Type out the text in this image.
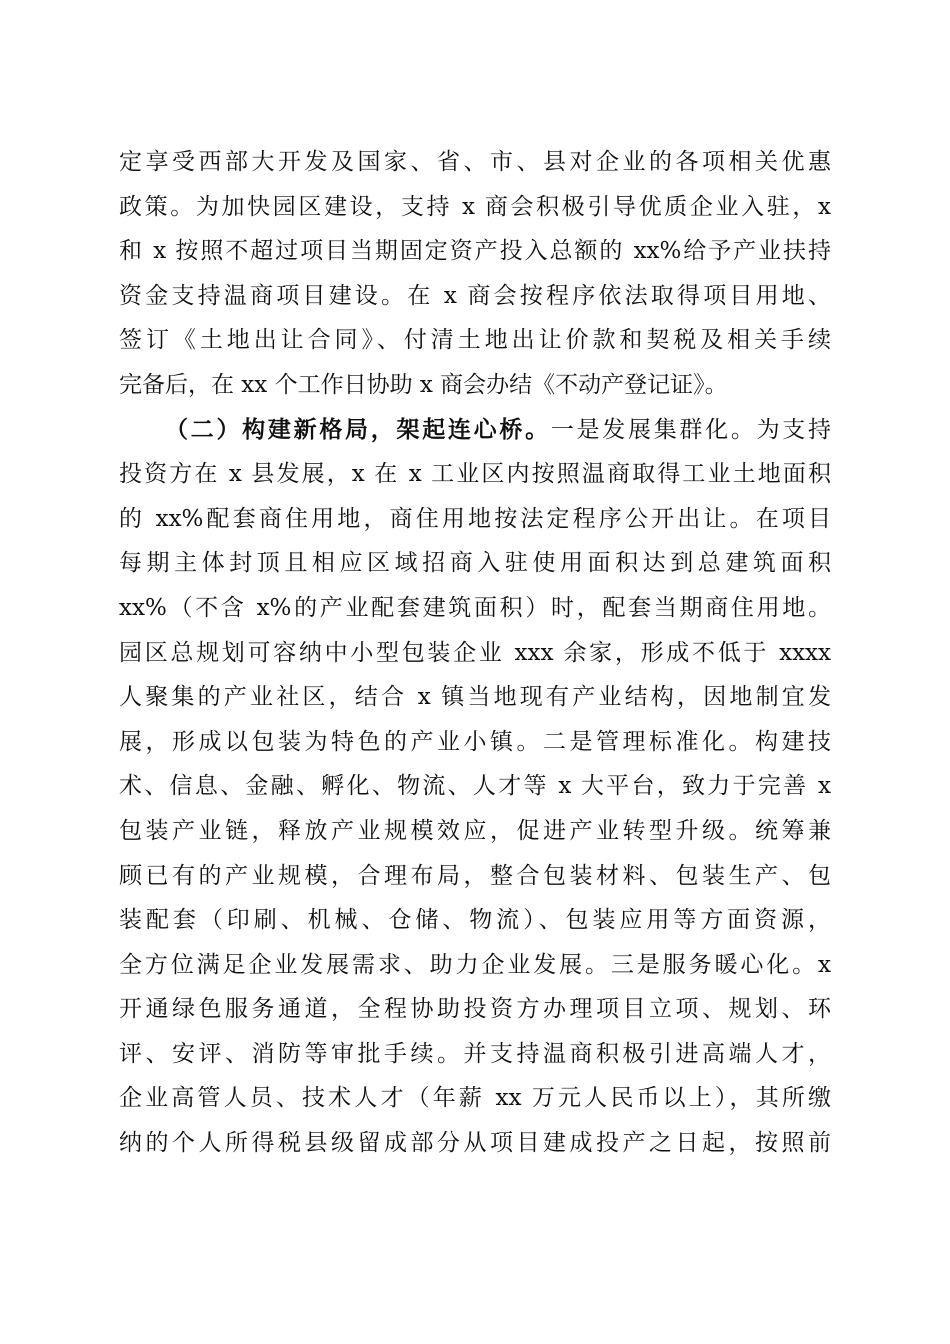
定享受西部大开发及国家、省、市、县对企业的各项相关优惠
政策。为加快园区建设，支持 x 商会积极引导优质企业入驻，x
和 x 按照不超过项目当期固定资产投入总额的 xx%给予产业扶持
资金支持温商项目建设。在 x 商会按程序依法取得项目用地、
签订《土地出让合同》、付清土地出让价款和契税及相关手续
完备后，在 xx 个工作日协助 x 商会办结《不动产登记证》。
（二）构建新格局，架起连心桥。一是发展集群化。为支持
投资方在 x 县发展，x 在 x 工业区内按照温商取得工业土地面积
的 xx%配套商住用地，商住用地按法定程序公开出让。在项目
每期主体封顶且相应区域招商入驻使用面积达到总建筑面积
xx%（不含 x%的产业配套建筑面积）时，配套当期商住用地。
园区总规划可容纳中小型包装企业 xxx 余家，形成不低于 xxxx
人聚集的产业社区，结合 x 镇当地现有产业结构，因地制宜发
展，形成以包装为特色的产业小镇。二是管理标准化。构建技
术、信息、金融、孵化、物流、人才等 x 大平台，致力于完善 x
包装产业链，释放产业规模效应，促进产业转型升级。统筹兼
顾已有的产业规模，合理布局，整合包装材料、包装生产、包
装配套（印刷、机械、仓储、物流）、包装应用等方面资源，
全方位满足企业发展需求、助力企业发展。三是服务暖心化。x
开通绿色服务通道，全程协助投资方办理项目立项、规划、环
评、安评、消防等审批手续。并支持温商积极引进高端人才，
企业高管人员、技术人才（年薪 xx 万元人民币以上），其所缴
纳的个人所得税县级留成部分从项目建成投产之日起，按照前
